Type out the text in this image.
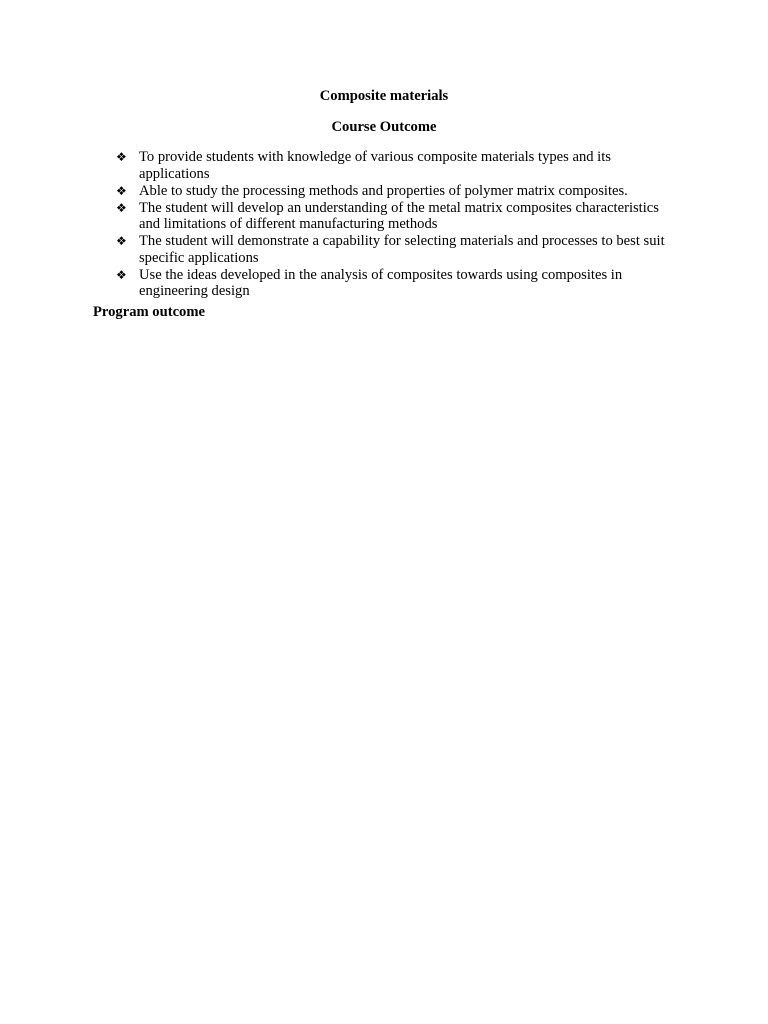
Composite materials
Course Outcome
❖ To provide students with knowledge of various composite materials types and its applications
❖ Able to study the processing methods and properties of polymer matrix composites.
❖ The student will develop an understanding of the metal matrix composites characteristics and limitations of different manufacturing methods
❖ The student will demonstrate a capability for selecting materials and processes to best suit specific applications
❖ Use the ideas developed in the analysis of composites towards using composites in engineering design
Program outcome
